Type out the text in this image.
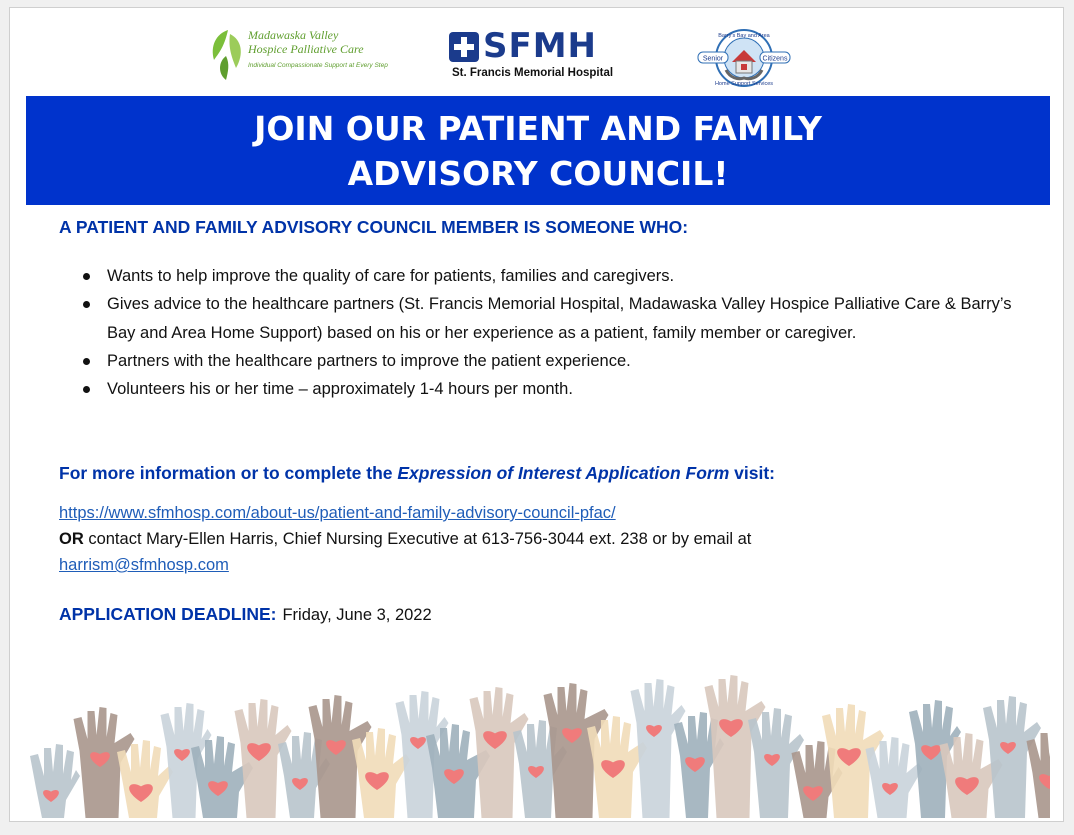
Madawaska Valley
Hospice Palliative Care
Individual Compassionate Support at Every Step	SFMH
St. Francis Memorial Hospital
Senior	Citizens
Barry's Bay and Area
Home Support Services
JOIN OUR PATIENT AND FAMILY
ADVISORY COUNCIL!
A PATIENT AND FAMILY ADVISORY COUNCIL MEMBER IS SOMEONE WHO:
Wants to help improve the quality of care for patients, families and caregivers.
Gives advice to the healthcare partners (St. Francis Memorial Hospital, Madawaska Valley Hospice Palliative Care & Barry’s Bay and Area Home Support) based on his or her experience as a patient, family member or caregiver.
Partners with the healthcare partners to improve the patient experience.
Volunteers his or her time – approximately 1-4 hours per month.
For more information or to complete the Expression of Interest Application Form visit:
https://www.sfmhosp.com/about-us/patient-and-family-advisory-council-pfac/
OR contact Mary-Ellen Harris, Chief Nursing Executive at 613-756-3044 ext. 238 or by email at
harrism@sfmhosp.com
APPLICATION DEADLINE: Friday, June 3, 2022
